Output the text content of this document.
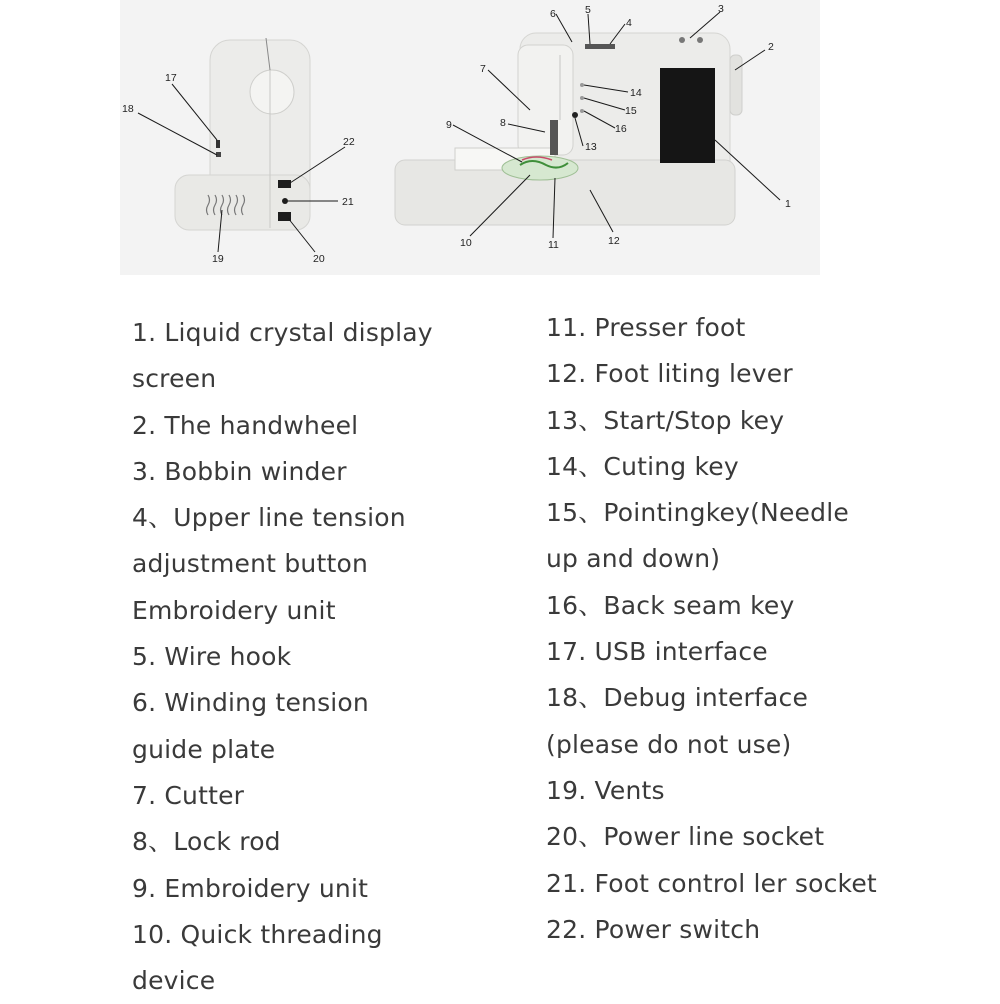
1
2
3
4
5
6
7
8
9
10	11	12
13
14
15
16
17
18
19	20
21
22
1. Liquid crystal display
screen
2. The handwheel
3. Bobbin winder
4、Upper line tension
adjustment button
Embroidery unit
5. Wire hook
6. Winding tension
guide plate
7. Cutter
8、Lock rod
9. Embroidery unit
10. Quick threading
device
11. Presser foot
12. Foot liting lever
13、Start/Stop key
14、Cuting key
15、Pointingkey(Needle
up and down)
16、Back seam key
17. USB interface
18、Debug interface
(please do not use)
19. Vents
20、Power line socket
21. Foot control ler socket
22. Power switch
